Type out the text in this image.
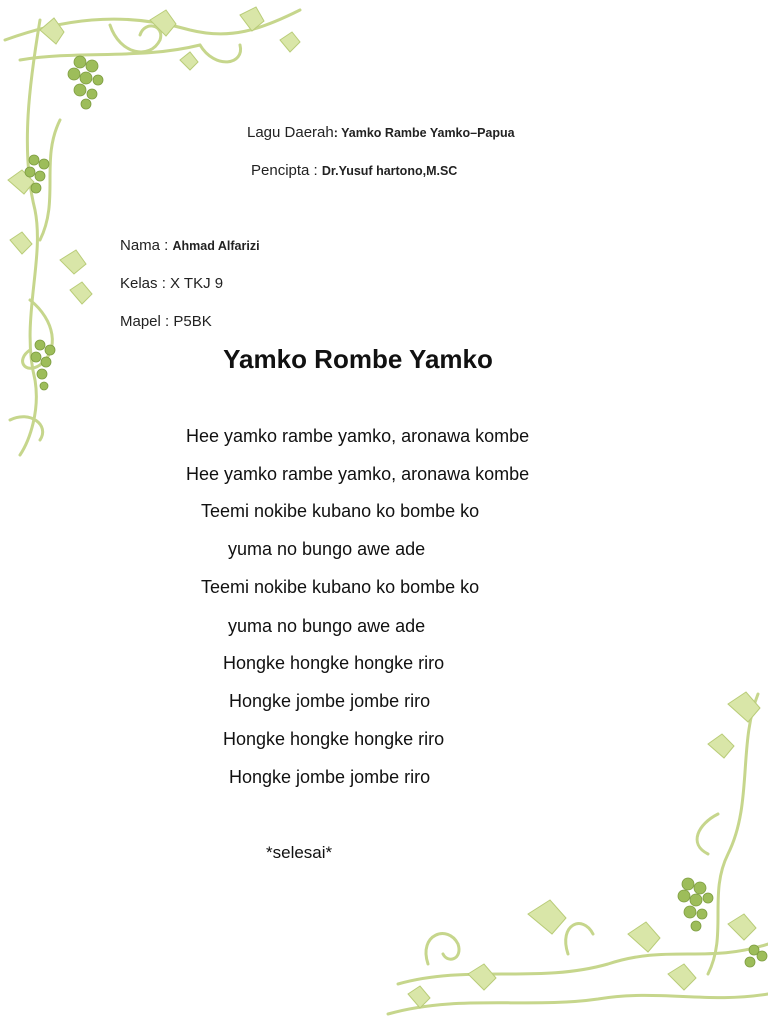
Lagu Daerah: Yamko Rambe Yamko–Papua
Pencipta : Dr.Yusuf hartono,M.SC
Nama : Ahmad Alfarizi
Kelas : X TKJ 9
Mapel : P5BK
Yamko Rombe Yamko
Hee yamko rambe yamko, aronawa kombe
Hee yamko rambe yamko, aronawa kombe
Teemi nokibe kubano ko bombe ko
yuma no bungo awe ade
Teemi nokibe kubano ko bombe ko
yuma no bungo awe ade
Hongke hongke hongke riro
Hongke jombe jombe riro
Hongke hongke hongke riro
Hongke jombe jombe riro
*selesai*
